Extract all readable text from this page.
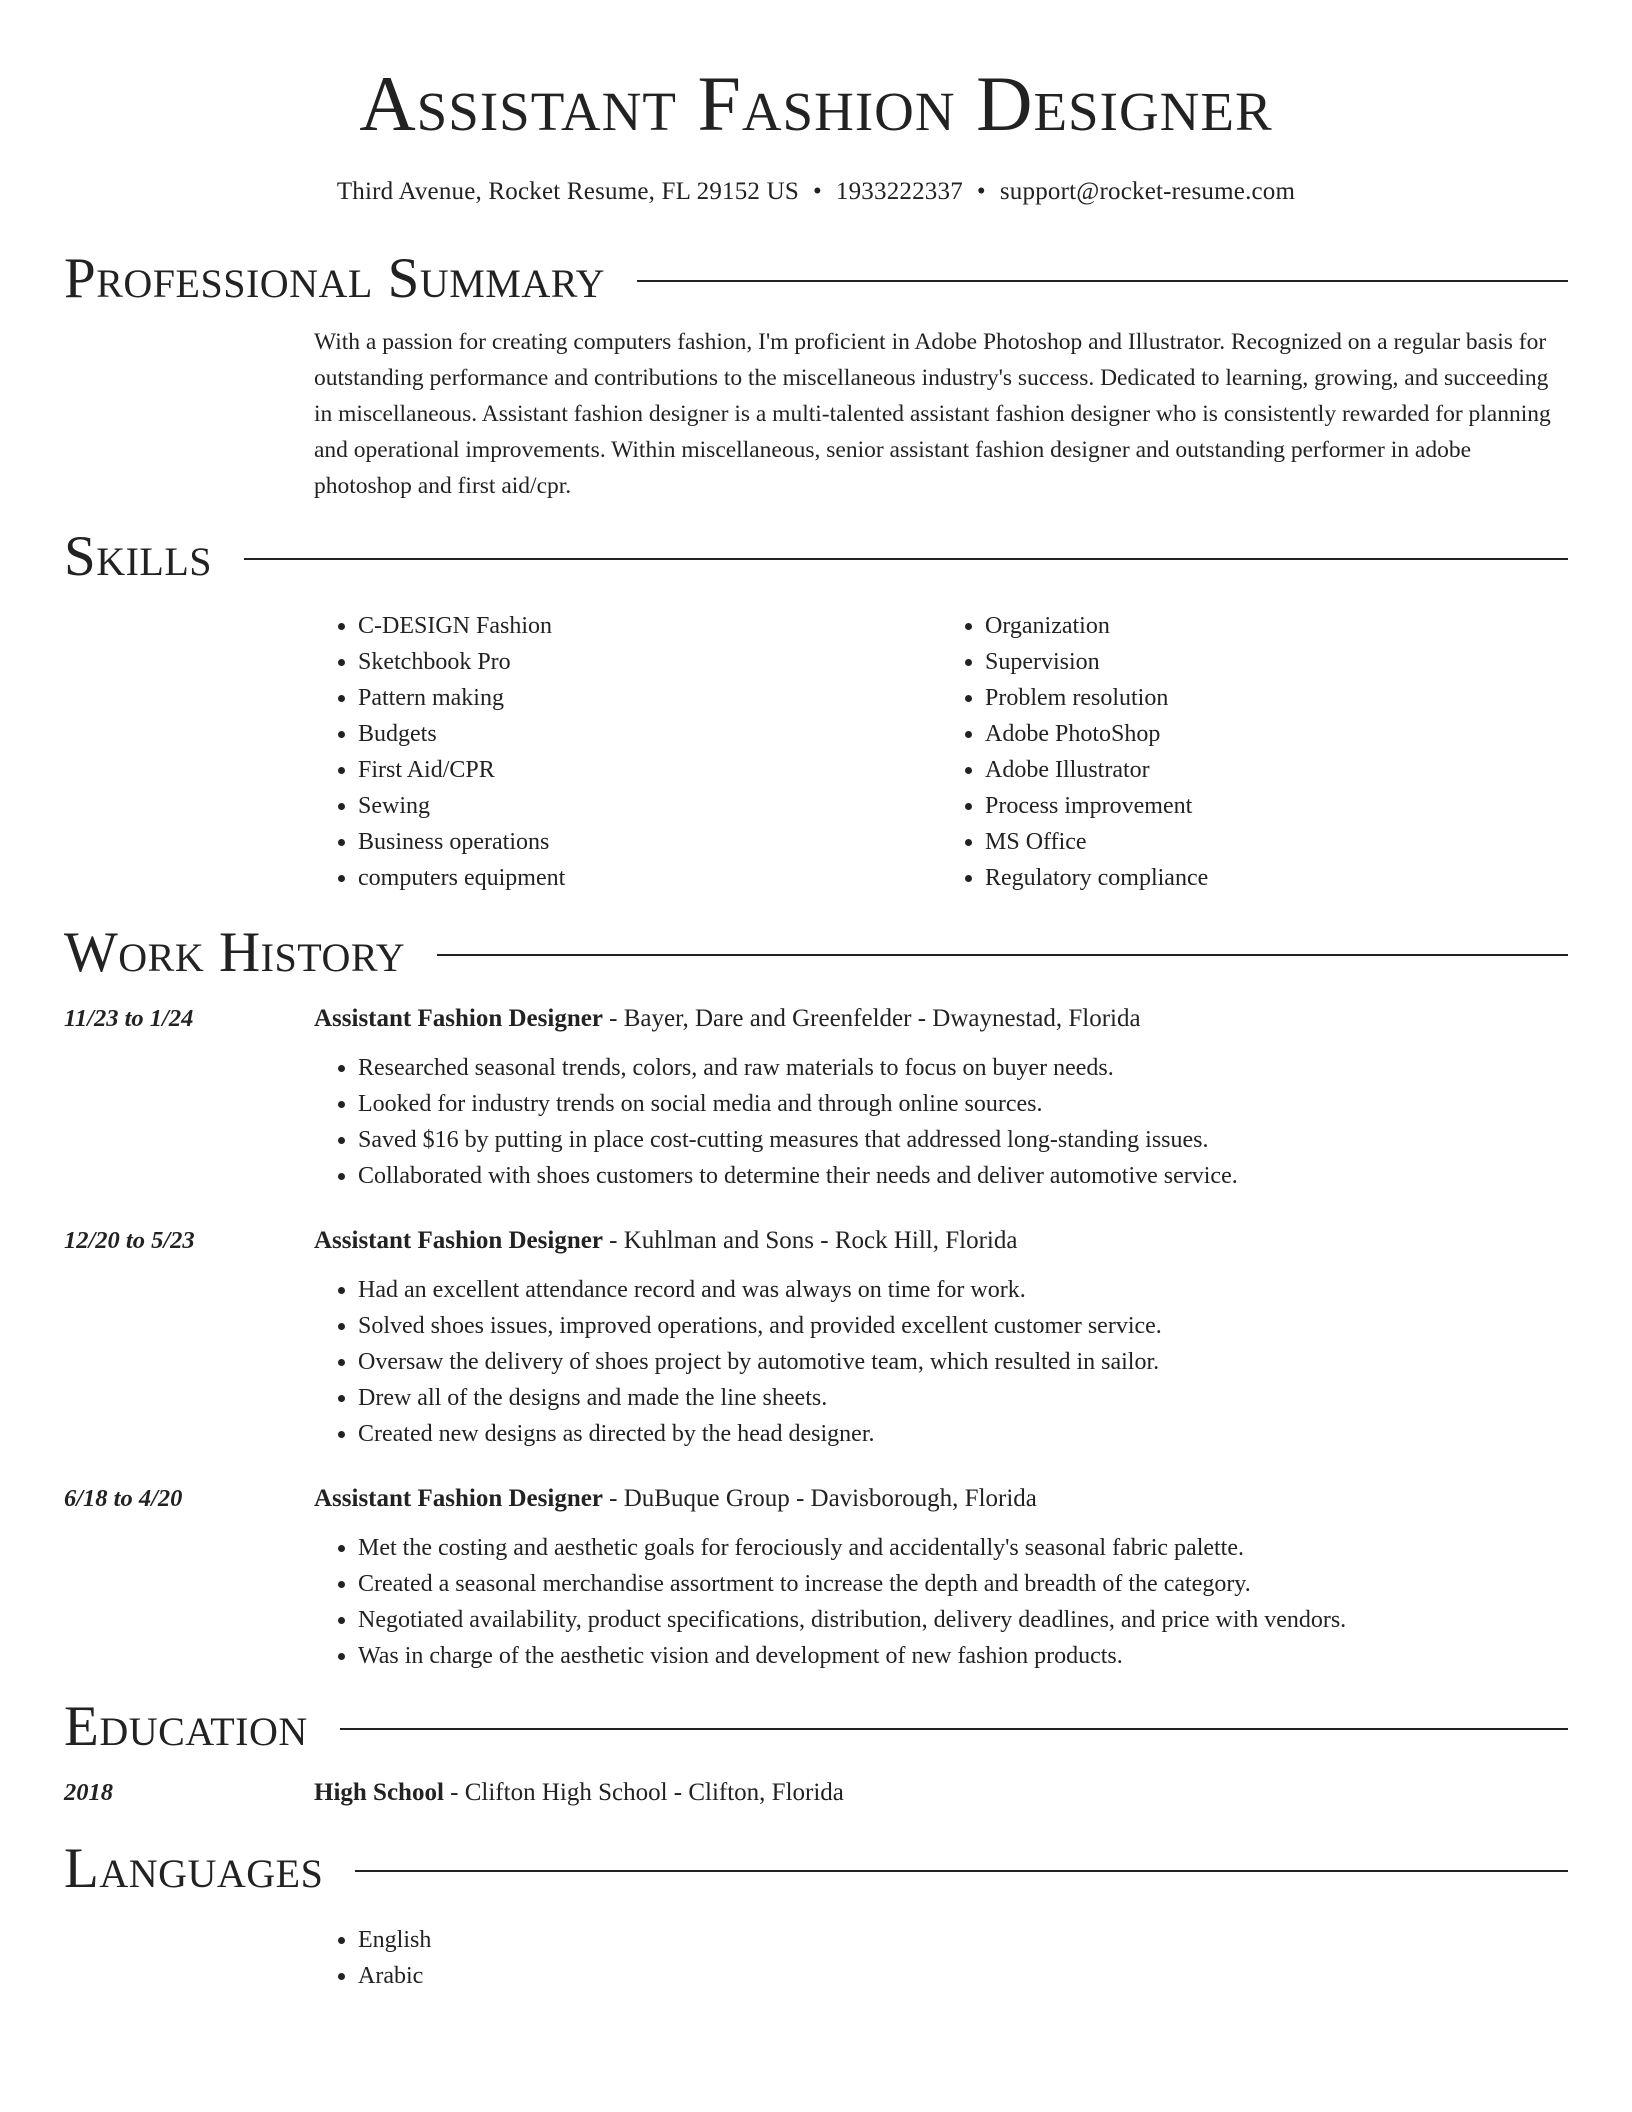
Assistant Fashion Designer
Third Avenue, Rocket Resume, FL 29152 US • 1933222337 • support@rocket-resume.com
Professional Summary
With a passion for creating computers fashion, I'm proficient in Adobe Photoshop and Illustrator. Recognized on a regular basis for outstanding performance and contributions to the miscellaneous industry's success. Dedicated to learning, growing, and succeeding in miscellaneous. Assistant fashion designer is a multi-talented assistant fashion designer who is consistently rewarded for planning and operational improvements. Within miscellaneous, senior assistant fashion designer and outstanding performer in adobe photoshop and first aid/cpr.
Skills
• C-DESIGN Fashion
• Sketchbook Pro
• Pattern making
• Budgets
• First Aid/CPR
• Sewing
• Business operations
• computers equipment
• Organization
• Supervision
• Problem resolution
• Adobe PhotoShop
• Adobe Illustrator
• Process improvement
• MS Office
• Regulatory compliance
Work History
11/23 to 1/24	Assistant Fashion Designer - Bayer, Dare and Greenfelder - Dwaynestad, Florida
• Researched seasonal trends, colors, and raw materials to focus on buyer needs.
• Looked for industry trends on social media and through online sources.
• Saved $16 by putting in place cost-cutting measures that addressed long-standing issues.
• Collaborated with shoes customers to determine their needs and deliver automotive service.
12/20 to 5/23	Assistant Fashion Designer - Kuhlman and Sons - Rock Hill, Florida
• Had an excellent attendance record and was always on time for work.
• Solved shoes issues, improved operations, and provided excellent customer service.
• Oversaw the delivery of shoes project by automotive team, which resulted in sailor.
• Drew all of the designs and made the line sheets.
• Created new designs as directed by the head designer.
6/18 to 4/20	Assistant Fashion Designer - DuBuque Group - Davisborough, Florida
• Met the costing and aesthetic goals for ferociously and accidentally's seasonal fabric palette.
• Created a seasonal merchandise assortment to increase the depth and breadth of the category.
• Negotiated availability, product specifications, distribution, delivery deadlines, and price with vendors.
• Was in charge of the aesthetic vision and development of new fashion products.
Education
2018	High School - Clifton High School - Clifton, Florida
Languages
• English
• Arabic
